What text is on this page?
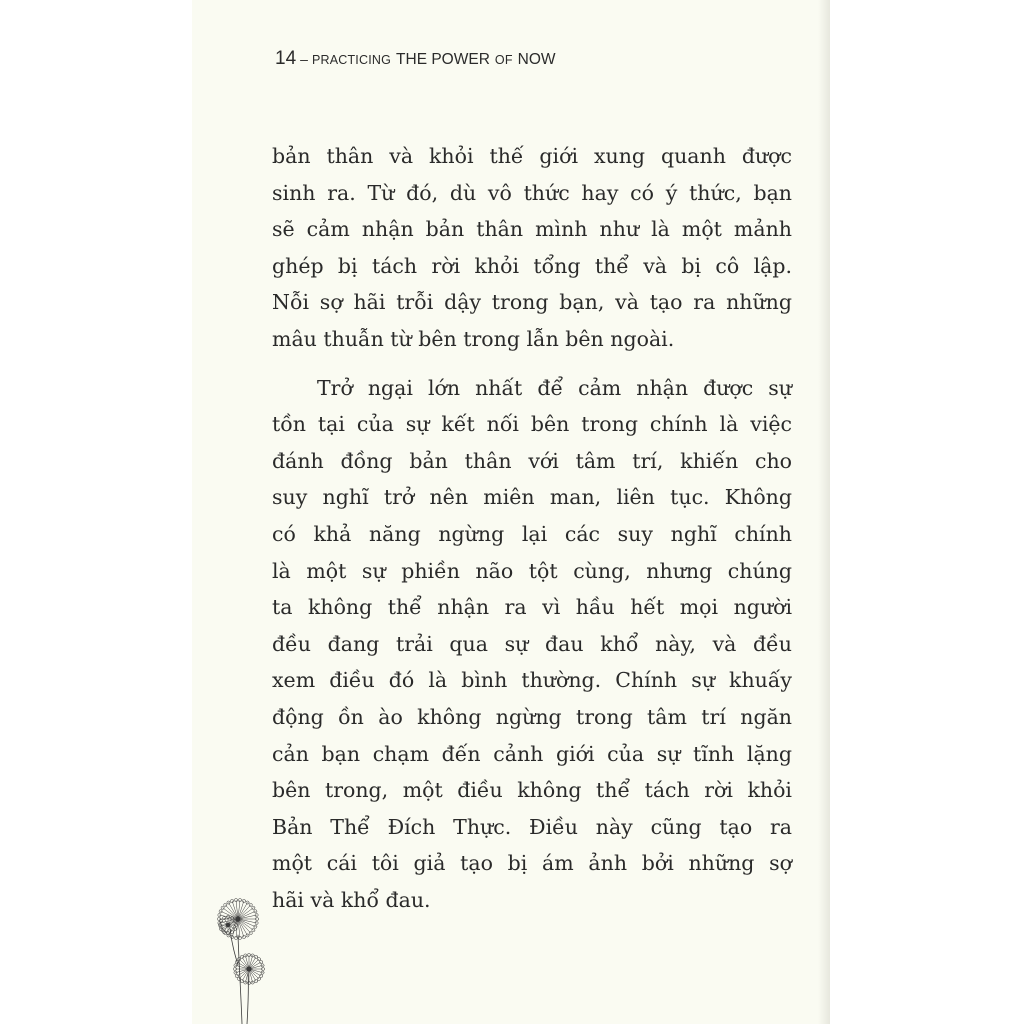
14 – PRACTICING THE POWER OF NOW
bản thân và khỏi thế giới xung quanh được
sinh ra. Từ đó, dù vô thức hay có ý thức, bạn
sẽ cảm nhận bản thân mình như là một mảnh
ghép bị tách rời khỏi tổng thể và bị cô lập.
Nỗi sợ hãi trỗi dậy trong bạn, và tạo ra những
mâu thuẫn từ bên trong lẫn bên ngoài.
Trở ngại lớn nhất để cảm nhận được sự
tồn tại của sự kết nối bên trong chính là việc
đánh đồng bản thân với tâm trí, khiến cho
suy nghĩ trở nên miên man, liên tục. Không
có khả năng ngừng lại các suy nghĩ chính
là một sự phiền não tột cùng, nhưng chúng
ta không thể nhận ra vì hầu hết mọi người
đều đang trải qua sự đau khổ này, và đều
xem điều đó là bình thường. Chính sự khuấy
động ồn ào không ngừng trong tâm trí ngăn
cản bạn chạm đến cảnh giới của sự tĩnh lặng
bên trong, một điều không thể tách rời khỏi
Bản Thể Đích Thực. Điều này cũng tạo ra
một cái tôi giả tạo bị ám ảnh bởi những sợ
hãi và khổ đau.
